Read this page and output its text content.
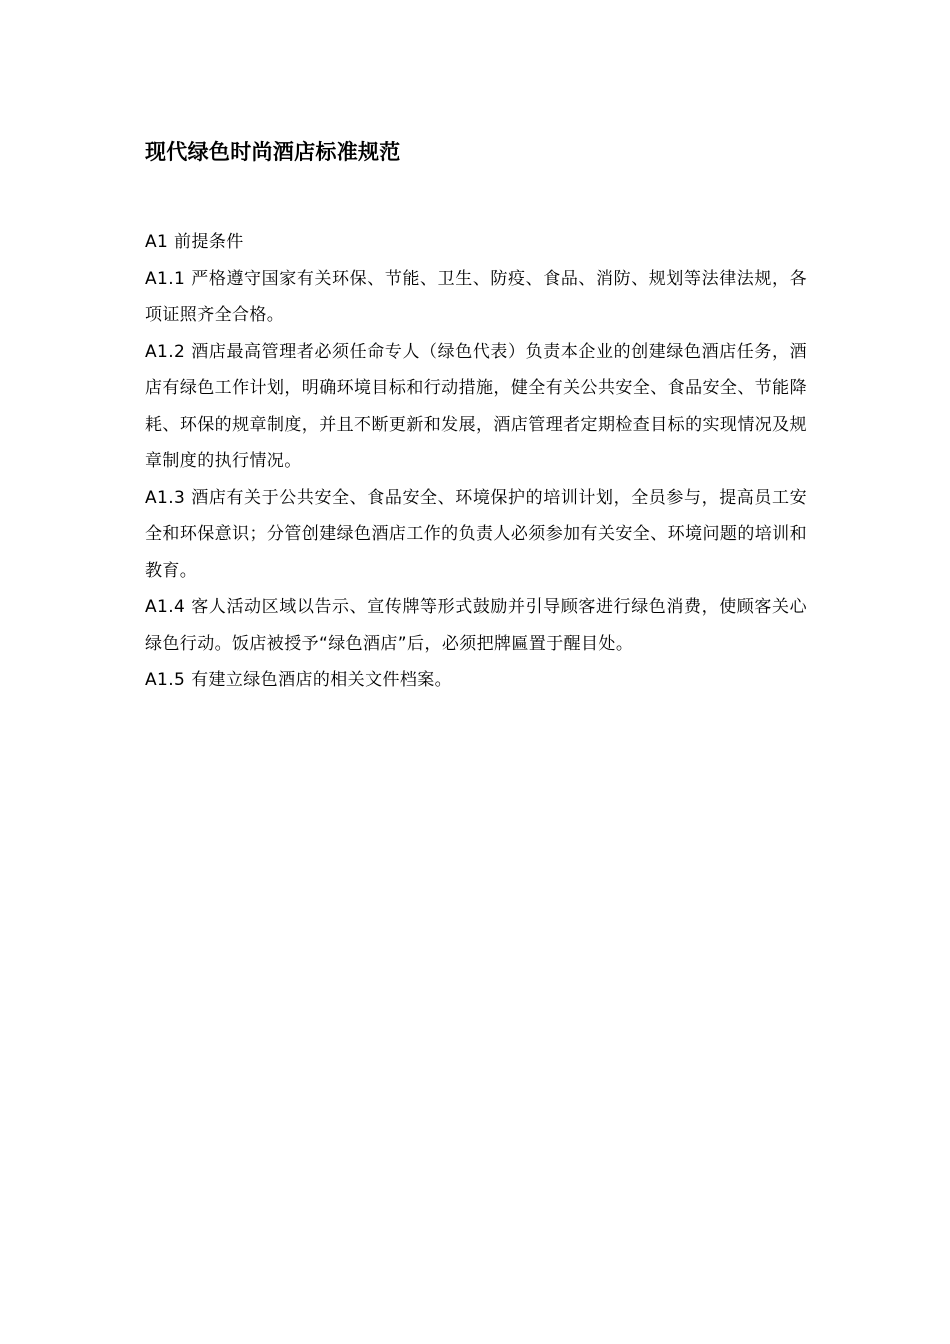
现代绿色时尚酒店标准规范

A1 前提条件

A1.1 严格遵守国家有关环保、节能、卫生、防疫、食品、消防、规划等法律法规，各项证照齐全合格。

A1.2 酒店最高管理者必须任命专人（绿色代表）负责本企业的创建绿色酒店任务，酒店有绿色工作计划，明确环境目标和行动措施，健全有关公共安全、食品安全、节能降耗、环保的规章制度，并且不断更新和发展，酒店管理者定期检查目标的实现情况及规章制度的执行情况。

A1.3 酒店有关于公共安全、食品安全、环境保护的培训计划，全员参与，提高员工安全和环保意识；分管创建绿色酒店工作的负责人必须参加有关安全、环境问题的培训和教育。

A1.4 客人活动区域以告示、宣传牌等形式鼓励并引导顾客进行绿色消费，使顾客关心绿色行动。饭店被授予“绿色酒店”后，必须把牌匾置于醒目处。

A1.5 有建立绿色酒店的相关文件档案。
